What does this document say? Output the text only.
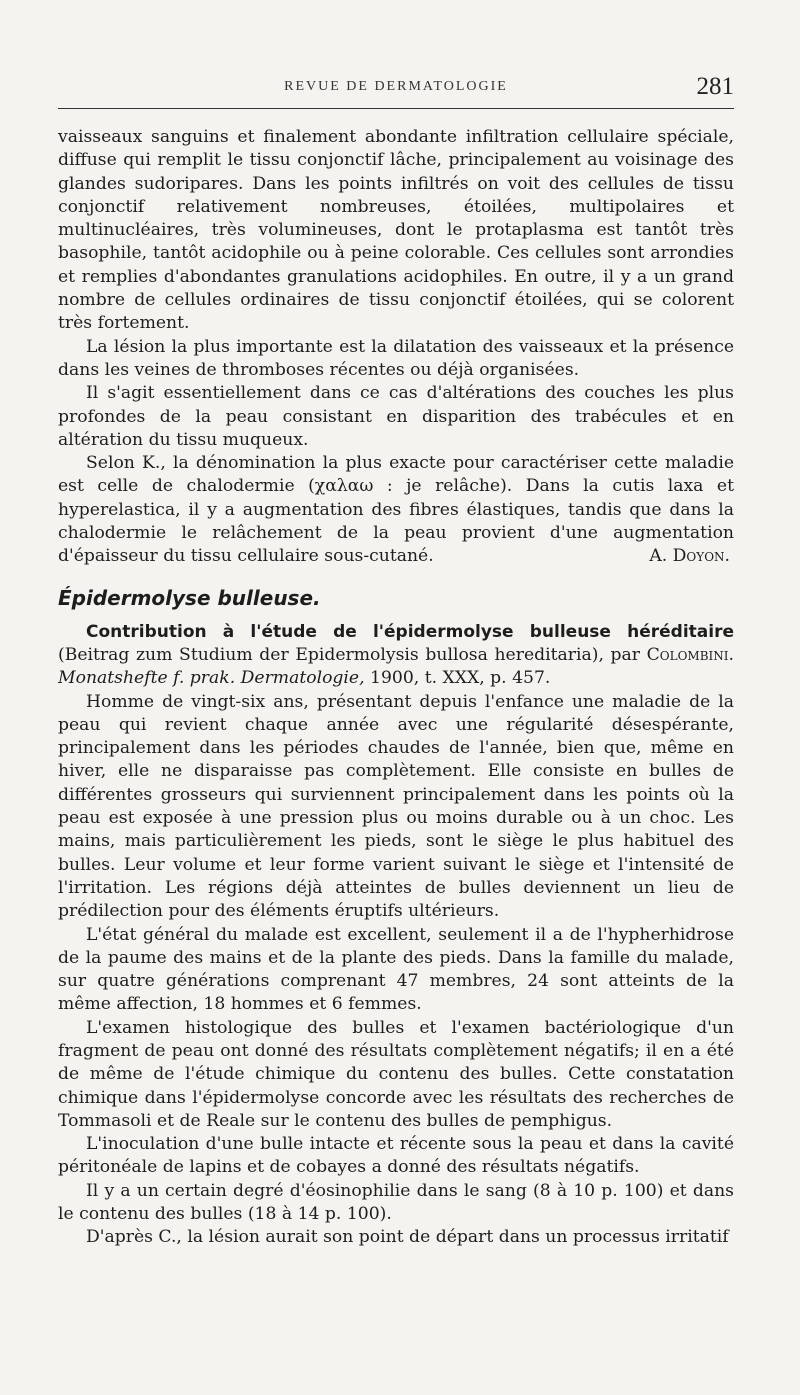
REVUE DE DERMATOLOGIE	281

vaisseaux sanguins et finalement abondante infiltration cellulaire spéciale, diffuse qui remplit le tissu conjonctif lâche, principalement au voisinage des glandes sudoripares. Dans les points infiltrés on voit des cellules de tissu conjonctif relativement nombreuses, étoilées, multipolaires et multinucléaires, très volumineuses, dont le protaplasma est tantôt très basophile, tantôt acidophile ou à peine colorable. Ces cellules sont arrondies et remplies d'abondantes granulations acidophiles. En outre, il y a un grand nombre de cellules ordinaires de tissu conjonctif étoilées, qui se colorent très fortement.

La lésion la plus importante est la dilatation des vaisseaux et la présence dans les veines de thromboses récentes ou déjà organisées.

Il s'agit essentiellement dans ce cas d'altérations des couches les plus profondes de la peau consistant en disparition des trabécules et en altération du tissu muqueux.

Selon K., la dénomination la plus exacte pour caractériser cette maladie est celle de chalodermie (χαλαω : je relâche). Dans la cutis laxa et hyperelastica, il y a augmentation des fibres élastiques, tandis que dans la chalodermie le relâchement de la peau provient d'une augmentation d'épaisseur du tissu cellulaire sous-cutané.	A. Doyon.

Épidermolyse bulleuse.

Contribution à l'étude de l'épidermolyse bulleuse héréditaire (Beitrag zum Studium der Epidermolysis bullosa hereditaria), par Colombini. Monatshefte f. prak. Dermatologie, 1900, t. XXX, p. 457.

Homme de vingt-six ans, présentant depuis l'enfance une maladie de la peau qui revient chaque année avec une régularité désespérante, principalement dans les périodes chaudes de l'année, bien que, même en hiver, elle ne disparaisse pas complètement. Elle consiste en bulles de différentes grosseurs qui surviennent principalement dans les points où la peau est exposée à une pression plus ou moins durable ou à un choc. Les mains, mais particulièrement les pieds, sont le siège le plus habituel des bulles. Leur volume et leur forme varient suivant le siège et l'intensité de l'irritation. Les régions déjà atteintes de bulles deviennent un lieu de prédilection pour des éléments éruptifs ultérieurs.

L'état général du malade est excellent, seulement il a de l'hypherhidrose de la paume des mains et de la plante des pieds. Dans la famille du malade, sur quatre générations comprenant 47 membres, 24 sont atteints de la même affection, 18 hommes et 6 femmes.

L'examen histologique des bulles et l'examen bactériologique d'un fragment de peau ont donné des résultats complètement négatifs; il en a été de même de l'étude chimique du contenu des bulles. Cette constatation chimique dans l'épidermolyse concorde avec les résultats des recherches de Tommasoli et de Reale sur le contenu des bulles de pemphigus.

L'inoculation d'une bulle intacte et récente sous la peau et dans la cavité péritonéale de lapins et de cobayes a donné des résultats négatifs.

Il y a un certain degré d'éosinophilie dans le sang (8 à 10 p. 100) et dans le contenu des bulles (18 à 14 p. 100).

D'après C., la lésion aurait son point de départ dans un processus irritatif
